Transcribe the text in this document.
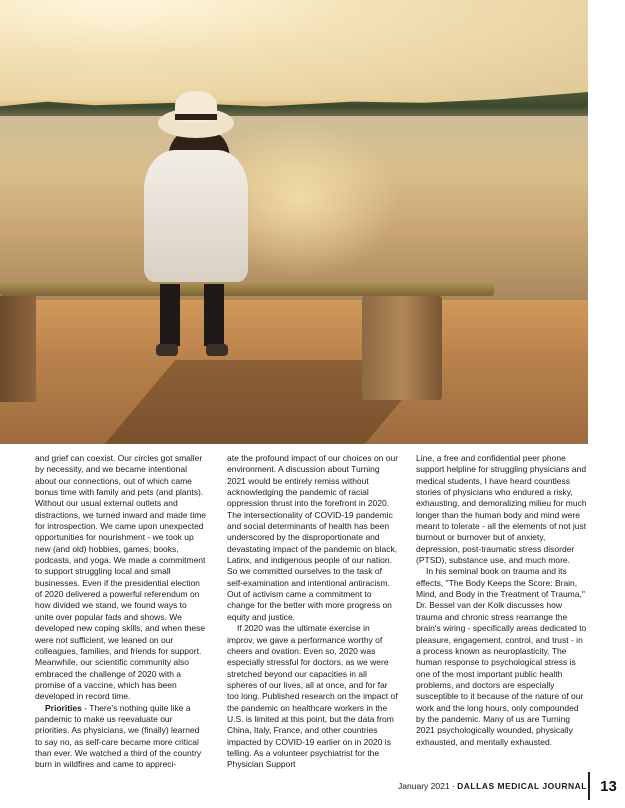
and grief can coexist. Our circles got smaller by necessity, and we became intentional about our connections, out of which came bonus time with family and pets (and plants). Without our usual external outlets and distractions, we turned inward and made time for introspection. We came upon unexpected opportunities for nourishment - we took up new (and old) hobbies, games, books, podcasts, and yoga. We made a commitment to support struggling local and small businesses. Even if the presidential election of 2020 delivered a powerful referendum on how divided we stand, we found ways to unite over popular fads and shows. We developed new coping skills, and when these were not sufficient, we leaned on our colleagues, families, and friends for support. Meanwhile, our scientific community also embraced the challenge of 2020 with a promise of a vaccine, which has been developed in record time.

Priorities - There's nothing quite like a pandemic to make us reevaluate our priorities. As physicians, we (finally) learned to say no, as self-care became more critical than ever. We watched a third of the country burn in wildfires and came to appreci-

ate the profound impact of our choices on our environment. A discussion about Turning 2021 would be entirely remiss without acknowledging the pandemic of racial oppression thrust into the forefront in 2020. The intersectionality of COVID-19 pandemic and social determinants of health has been underscored by the disproportionate and devastating impact of the pandemic on black, Latinx, and indigenous people of our nation. So we committed ourselves to the task of self-examination and intentional antiracism. Out of activism came a commitment to change for the better with more progress on equity and justice.

If 2020 was the ultimate exercise in improv, we gave a performance worthy of cheers and ovation. Even so, 2020 was especially stressful for doctors, as we were stretched beyond our capacities in all spheres of our lives, all at once, and for far too long. Published research on the impact of the pandemic on healthcare workers in the U.S. is limited at this point, but the data from China, Italy, France, and other countries impacted by COVID-19 earlier on in 2020 is telling. As a volunteer psychiatrist for the Physician Support

Line, a free and confidential peer phone support helpline for struggling physicians and medical students, I have heard countless stories of physicians who endured a risky, exhausting, and demoralizing milieu for much longer than the human body and mind were meant to tolerate - all the elements of not just burnout or burnover but of anxiety, depression, post-traumatic stress disorder (PTSD), substance use, and much more.

In his seminal book on trauma and its effects, "The Body Keeps the Score: Brain, Mind, and Body in the Treatment of Trauma," Dr. Bessel van der Kolk discusses how trauma and chronic stress rearrange the brain's wiring - specifically areas dedicated to pleasure, engagement, control, and trust - in a process known as neuroplasticity. The human response to psychological stress is one of the most important public health problems, and doctors are especially susceptible to it because of the nature of our work and the long hours, only compounded by the pandemic. Many of us are Turning 2021 psychologically wounded, physically exhausted, and mentally exhausted.

January 2021 · DALLAS MEDICAL JOURNAL 13
